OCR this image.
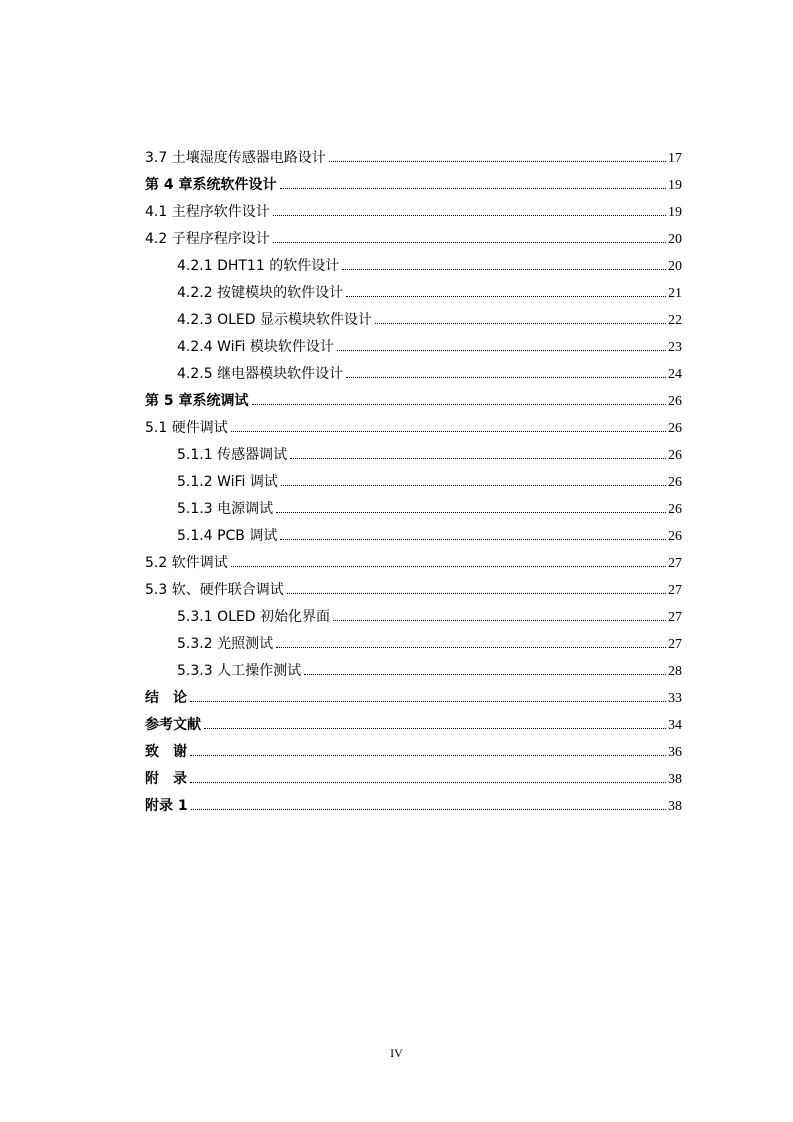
3.7 土壤湿度传感器电路设计	17
第 4 章系统软件设计	19
4.1 主程序软件设计	19
4.2 子程序程序设计	20
4.2.1 DHT11 的软件设计	20
4.2.2 按键模块的软件设计	21
4.2.3 OLED 显示模块软件设计	22
4.2.4 WiFi 模块软件设计	23
4.2.5 继电器模块软件设计	24
第 5 章系统调试	26
5.1 硬件调试	26
5.1.1 传感器调试	26
5.1.2 WiFi 调试	26
5.1.3 电源调试	26
5.1.4 PCB 调试	26
5.2 软件调试	27
5.3 软、硬件联合调试	27
5.3.1 OLED 初始化界面	27
5.3.2 光照测试	27
5.3.3 人工操作测试	28
结　论	33
参考文献	34
致　谢	36
附　录	38
附录 1	38
IV
